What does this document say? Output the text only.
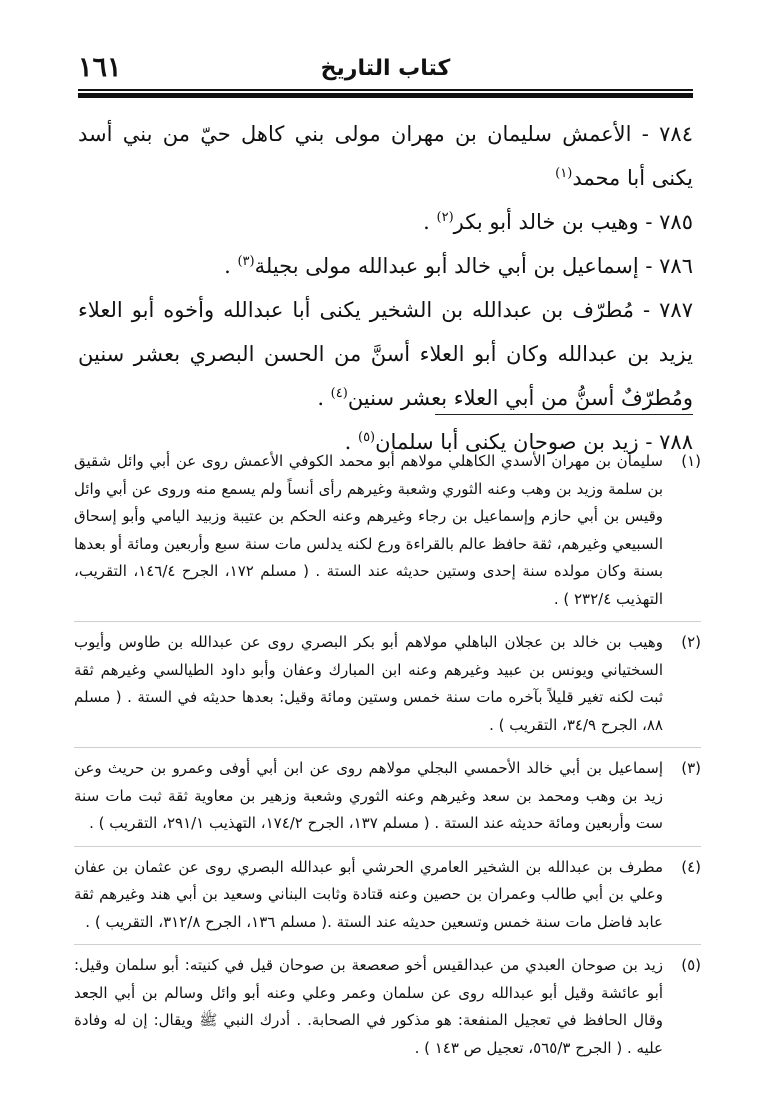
١٦١	كتاب التاريخ
٧٨٤ - الأعمش سليمان بن مهران مولى بني كاهل حيّ من بني أسد يكنى أبا محمد$^{(١)}$
٧٨٥ - وهيب بن خالد أبو بكر$^{(٢)}$ .
٧٨٦ - إسماعيل بن أبي خالد أبو عبدالله مولى بجيلة$^{(٣)}$ .
٧٨٧ - مُطرّف بن عبدالله بن الشخير يكنى أبا عبدالله وأخوه أبو العلاء يزيد بن عبدالله وكان أبو العلاء أسنَّ من الحسن البصري بعشر سنين ومُطرّفٌ أسنُّ من أبي العلاء بعشر سنين$^{(٤)}$ .
٧٨٨ - زيد بن صوحان يكنى أبا سلمان$^{(٥)}$ .
(١)
سليمان بن مهران الأسدي الكاهلي مولاهم أبو محمد الكوفي الأعمش روى عن أبي وائل شقيق بن سلمة وزيد بن وهب وعنه الثوري وشعبة وغيرهم رأى أنساً ولم يسمع منه وروى عن أبي وائل وقيس بن أبي حازم وإسماعيل بن رجاء وغيرهم وعنه الحكم بن عتيبة وزبيد اليامي وأبو إسحاق السبيعي وغيرهم، ثقة حافظ عالم بالقراءة ورع لكنه يدلس مات سنة سبع وأربعين ومائة أو بعدها بسنة وكان مولده سنة إحدى وستين حديثه عند الستة . ( مسلم ١٧٢، الجرح ١٤٦/٤، التقريب، التهذيب ٢٣٢/٤ ) .
(٢)
وهيب بن خالد بن عجلان الباهلي مولاهم أبو بكر البصري روى عن عبدالله بن طاوس وأيوب السختياني ويونس بن عبيد وغيرهم وعنه ابن المبارك وعفان وأبو داود الطيالسي وغيرهم ثقة ثبت لكنه تغير قليلاً بآخره مات سنة خمس وستين ومائة وقيل: بعدها حديثه في الستة . ( مسلم ٨٨، الجرح ٣٤/٩، التقريب ) .
(٣)
إسماعيل بن أبي خالد الأحمسي البجلي مولاهم روى عن ابن أبي أوفى وعمرو بن حريث وعن زيد بن وهب ومحمد بن سعد وغيرهم وعنه الثوري وشعبة وزهير بن معاوية ثقة ثبت مات سنة ست وأربعين ومائة حديثه عند الستة . ( مسلم ١٣٧، الجرح ١٧٤/٢، التهذيب ٢٩١/١، التقريب ) .
(٤)
مطرف بن عبدالله بن الشخير العامري الحرشي أبو عبدالله البصري روى عن عثمان بن عفان وعلي بن أبي طالب وعمران بن حصين وعنه قتادة وثابت البناني وسعيد بن أبي هند وغيرهم ثقة عابد فاضل مات سنة خمس وتسعين حديثه عند الستة .( مسلم ١٣٦، الجرح ٣١٢/٨، التقريب ) .
(٥)
زيد بن صوحان العبدي من عبدالقيس أخو صعصعة بن صوحان قيل في كنيته: أبو سلمان وقيل: أبو عائشة وقيل أبو عبدالله روى عن سلمان وعمر وعلي وعنه أبو وائل وسالم بن أبي الجعد وقال الحافظ في تعجيل المنفعة: هو مذكور في الصحابة. . أدرك النبي ﷺ ويقال: إن له وفادة عليه . ( الجرح ٥٦٥/٣، تعجيل ص ١٤٣ ) .
